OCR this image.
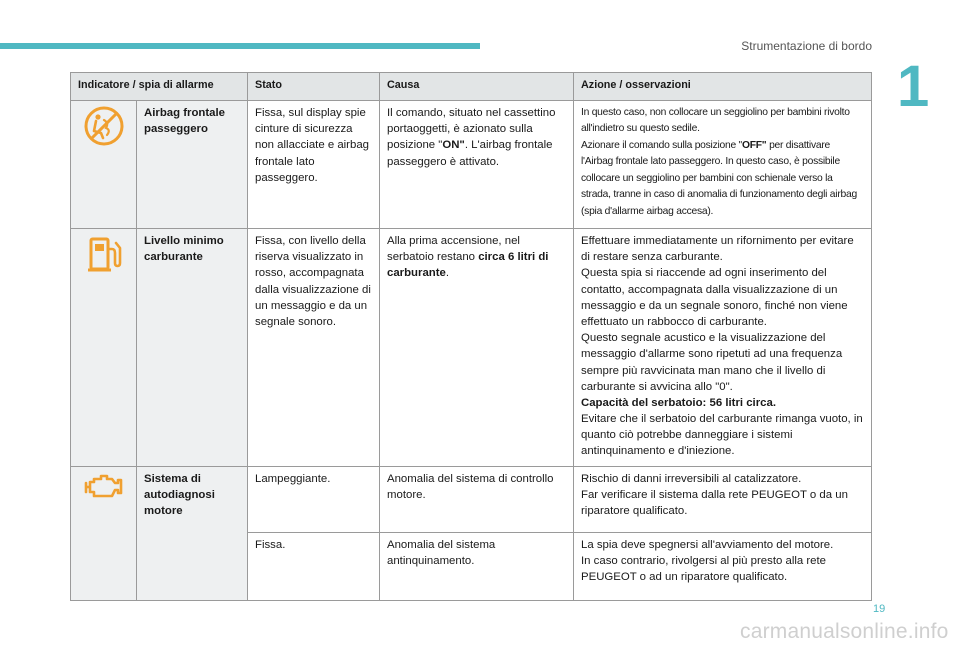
Strumentazione di bordo
1
Indicatore / spia di allarme		Stato	Causa	Azione / osservazioni
	Airbag frontale passeggero	Fissa, sul display spie cinture di sicurezza non allacciate e airbag frontale lato passeggero.	Il comando, situato nel cassettino portaoggetti, è azionato sulla posizione "ON". L'airbag frontale passeggero è attivato.	In questo caso, non collocare un seggiolino per bambini rivolto all'indietro su questo sedile.
Azionare il comando sulla posizione "OFF" per disattivare l'Airbag frontale lato passeggero. In questo caso, è possibile collocare un seggiolino per bambini con schienale verso la strada, tranne in caso di anomalia di funzionamento degli airbag (spia d'allarme airbag accesa).
	Livello minimo carburante	Fissa, con livello della riserva visualizzato in rosso, accompagnata dalla visualizzazione di un messaggio e da un segnale sonoro.	Alla prima accensione, nel serbatoio restano circa 6 litri di carburante.	Effettuare immediatamente un rifornimento per evitare di restare senza carburante.
Questa spia si riaccende ad ogni inserimento del contatto, accompagnata dalla visualizzazione di un messaggio e da un segnale sonoro, finché non viene effettuato un rabbocco di carburante.
Questo segnale acustico e la visualizzazione del messaggio d'allarme sono ripetuti ad una frequenza sempre più ravvicinata man mano che il livello di carburante si avvicina allo "0".
Capacità del serbatoio: 56 litri circa.
Evitare che il serbatoio del carburante rimanga vuoto, in quanto ciò potrebbe danneggiare i sistemi antinquinamento e d'iniezione.

	Sistema di autodiagnosi motore	Lampeggiante.	Anomalia del sistema di controllo motore.	Rischio di danni irreversibili al catalizzatore.
Far verificare il sistema dalla rete PEUGEOT o da un riparatore qualificato.

		Fissa.	Anomalia del sistema antinquinamento.	La spia deve spegnersi all'avviamento del motore.
In caso contrario, rivolgersi al più presto alla rete PEUGEOT o ad un riparatore qualificato.
19
carmanualsonline.info
